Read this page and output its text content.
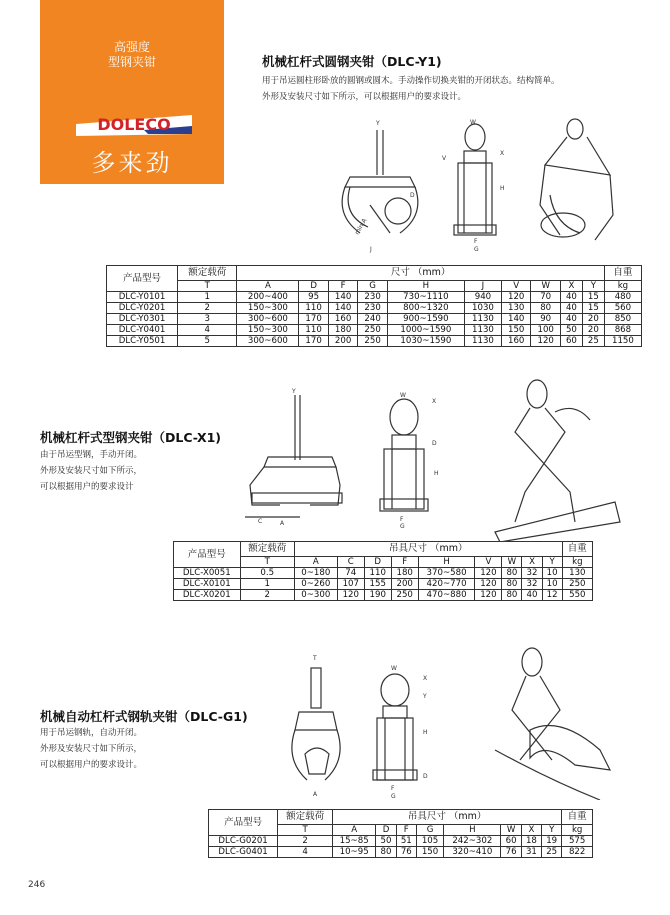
高强度
型钢夹钳
DOLECO
多来劲
机械杠杆式圆钢夹钳（DLC-Y1)
用于吊运圆柱形卧放的圆钢或圆木。手动操作切换夹钳的开闭状态。结构简单。
外形及安装尺寸如下所示，可以根据用户的要求设计。
Y
min A
D
J
W
V
H
X
G
F
产品型号	额定载荷	尺寸 （mm）										自重
	T	A	D	F	G	H	J	V	W	X	Y	kg
DLC-Y0101	1	200~400	95	140	230	730~1110	940	120	70	40	15	480
DLC-Y0201	2	150~300	110	140	230	800~1320	1030	130	80	40	15	560
DLC-Y0301	3	300~600	170	160	240	900~1590	1130	140	90	40	20	850
DLC-Y0401	4	150~300	110	180	250	1000~1590	1130	150	100	50	20	868
DLC-Y0501	5	300~600	170	200	250	1030~1590	1130	160	120	60	25	1150
机械杠杆式型钢夹钳（DLC-X1)
由于吊运型钢，手动开闭。
外形及安装尺寸如下所示，
可以根据用户的要求设计
Y
C	A
W
X
D
H
F
G
产品型号	额定载荷	吊具尺寸 （mm）									自重
	T	A	C	D	F	H	V	W	X	Y	kg
DLC-X0051	0.5	0~180	74	110	180	370~580	120	80	32	10	130
DLC-X0101	1	0~260	107	155	200	420~770	120	80	32	10	250
DLC-X0201	2	0~300	120	190	250	470~880	120	80	40	12	550
机械自动杠杆式钢轨夹钳（DLC-G1)
用于吊运钢轨，自动开闭。
外形及安装尺寸如下所示，
可以根据用户的要求设计。
T
A
X
W
Y
H
D
F
G
产品型号	额定载荷	吊具尺寸 （mm）								自重
	T	A	D	F	G	H	W	X	Y	kg
DLC-G0201	2	15~85	50	51	105	242~302	60	18	19	575
DLC-G0401	4	10~95	80	76	150	320~410	76	31	25	822
246
